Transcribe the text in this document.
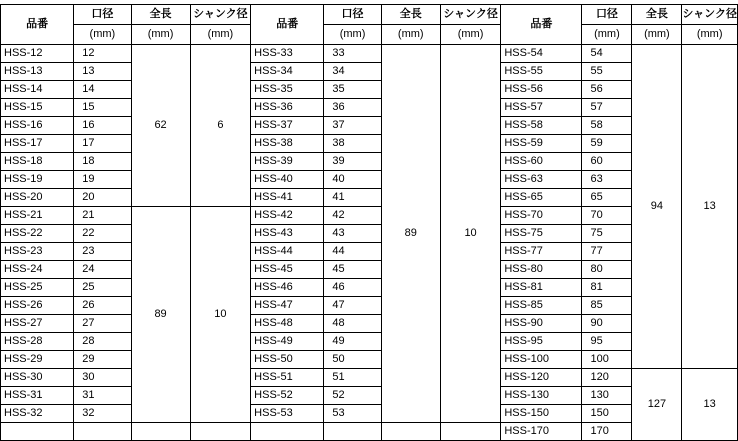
品番	口径	全長	シャンク径	品番	口径	全長	シャンク径	品番	口径	全長	シャンク径
	(mm)	(mm)	(mm)		(mm)	(mm)	(mm)		(mm)	(mm)	(mm)
HSS-12	12	62	6	HSS-33	33	89	10	HSS-54	54	94	13
HSS-13	13			HSS-34	34			HSS-55	55		
HSS-14	14			HSS-35	35			HSS-56	56		
HSS-15	15			HSS-36	36			HSS-57	57		
HSS-16	16			HSS-37	37			HSS-58	58		
HSS-17	17			HSS-38	38			HSS-59	59		
HSS-18	18			HSS-39	39			HSS-60	60		
HSS-19	19			HSS-40	40			HSS-63	63		
HSS-20	20			HSS-41	41			HSS-65	65		
HSS-21	21	89	10	HSS-42	42			HSS-70	70		
HSS-22	22			HSS-43	43			HSS-75	75		
HSS-23	23			HSS-44	44			HSS-77	77		
HSS-24	24			HSS-45	45			HSS-80	80		
HSS-25	25			HSS-46	46			HSS-81	81		
HSS-26	26			HSS-47	47			HSS-85	85		
HSS-27	27			HSS-48	48			HSS-90	90		
HSS-28	28			HSS-49	49			HSS-95	95		
HSS-29	29			HSS-50	50			HSS-100	100		
HSS-30	30			HSS-51	51			HSS-120	120	127	13
HSS-31	31			HSS-52	52			HSS-130	130		
HSS-32	32			HSS-53	53			HSS-150	150		
								HSS-170	170		
